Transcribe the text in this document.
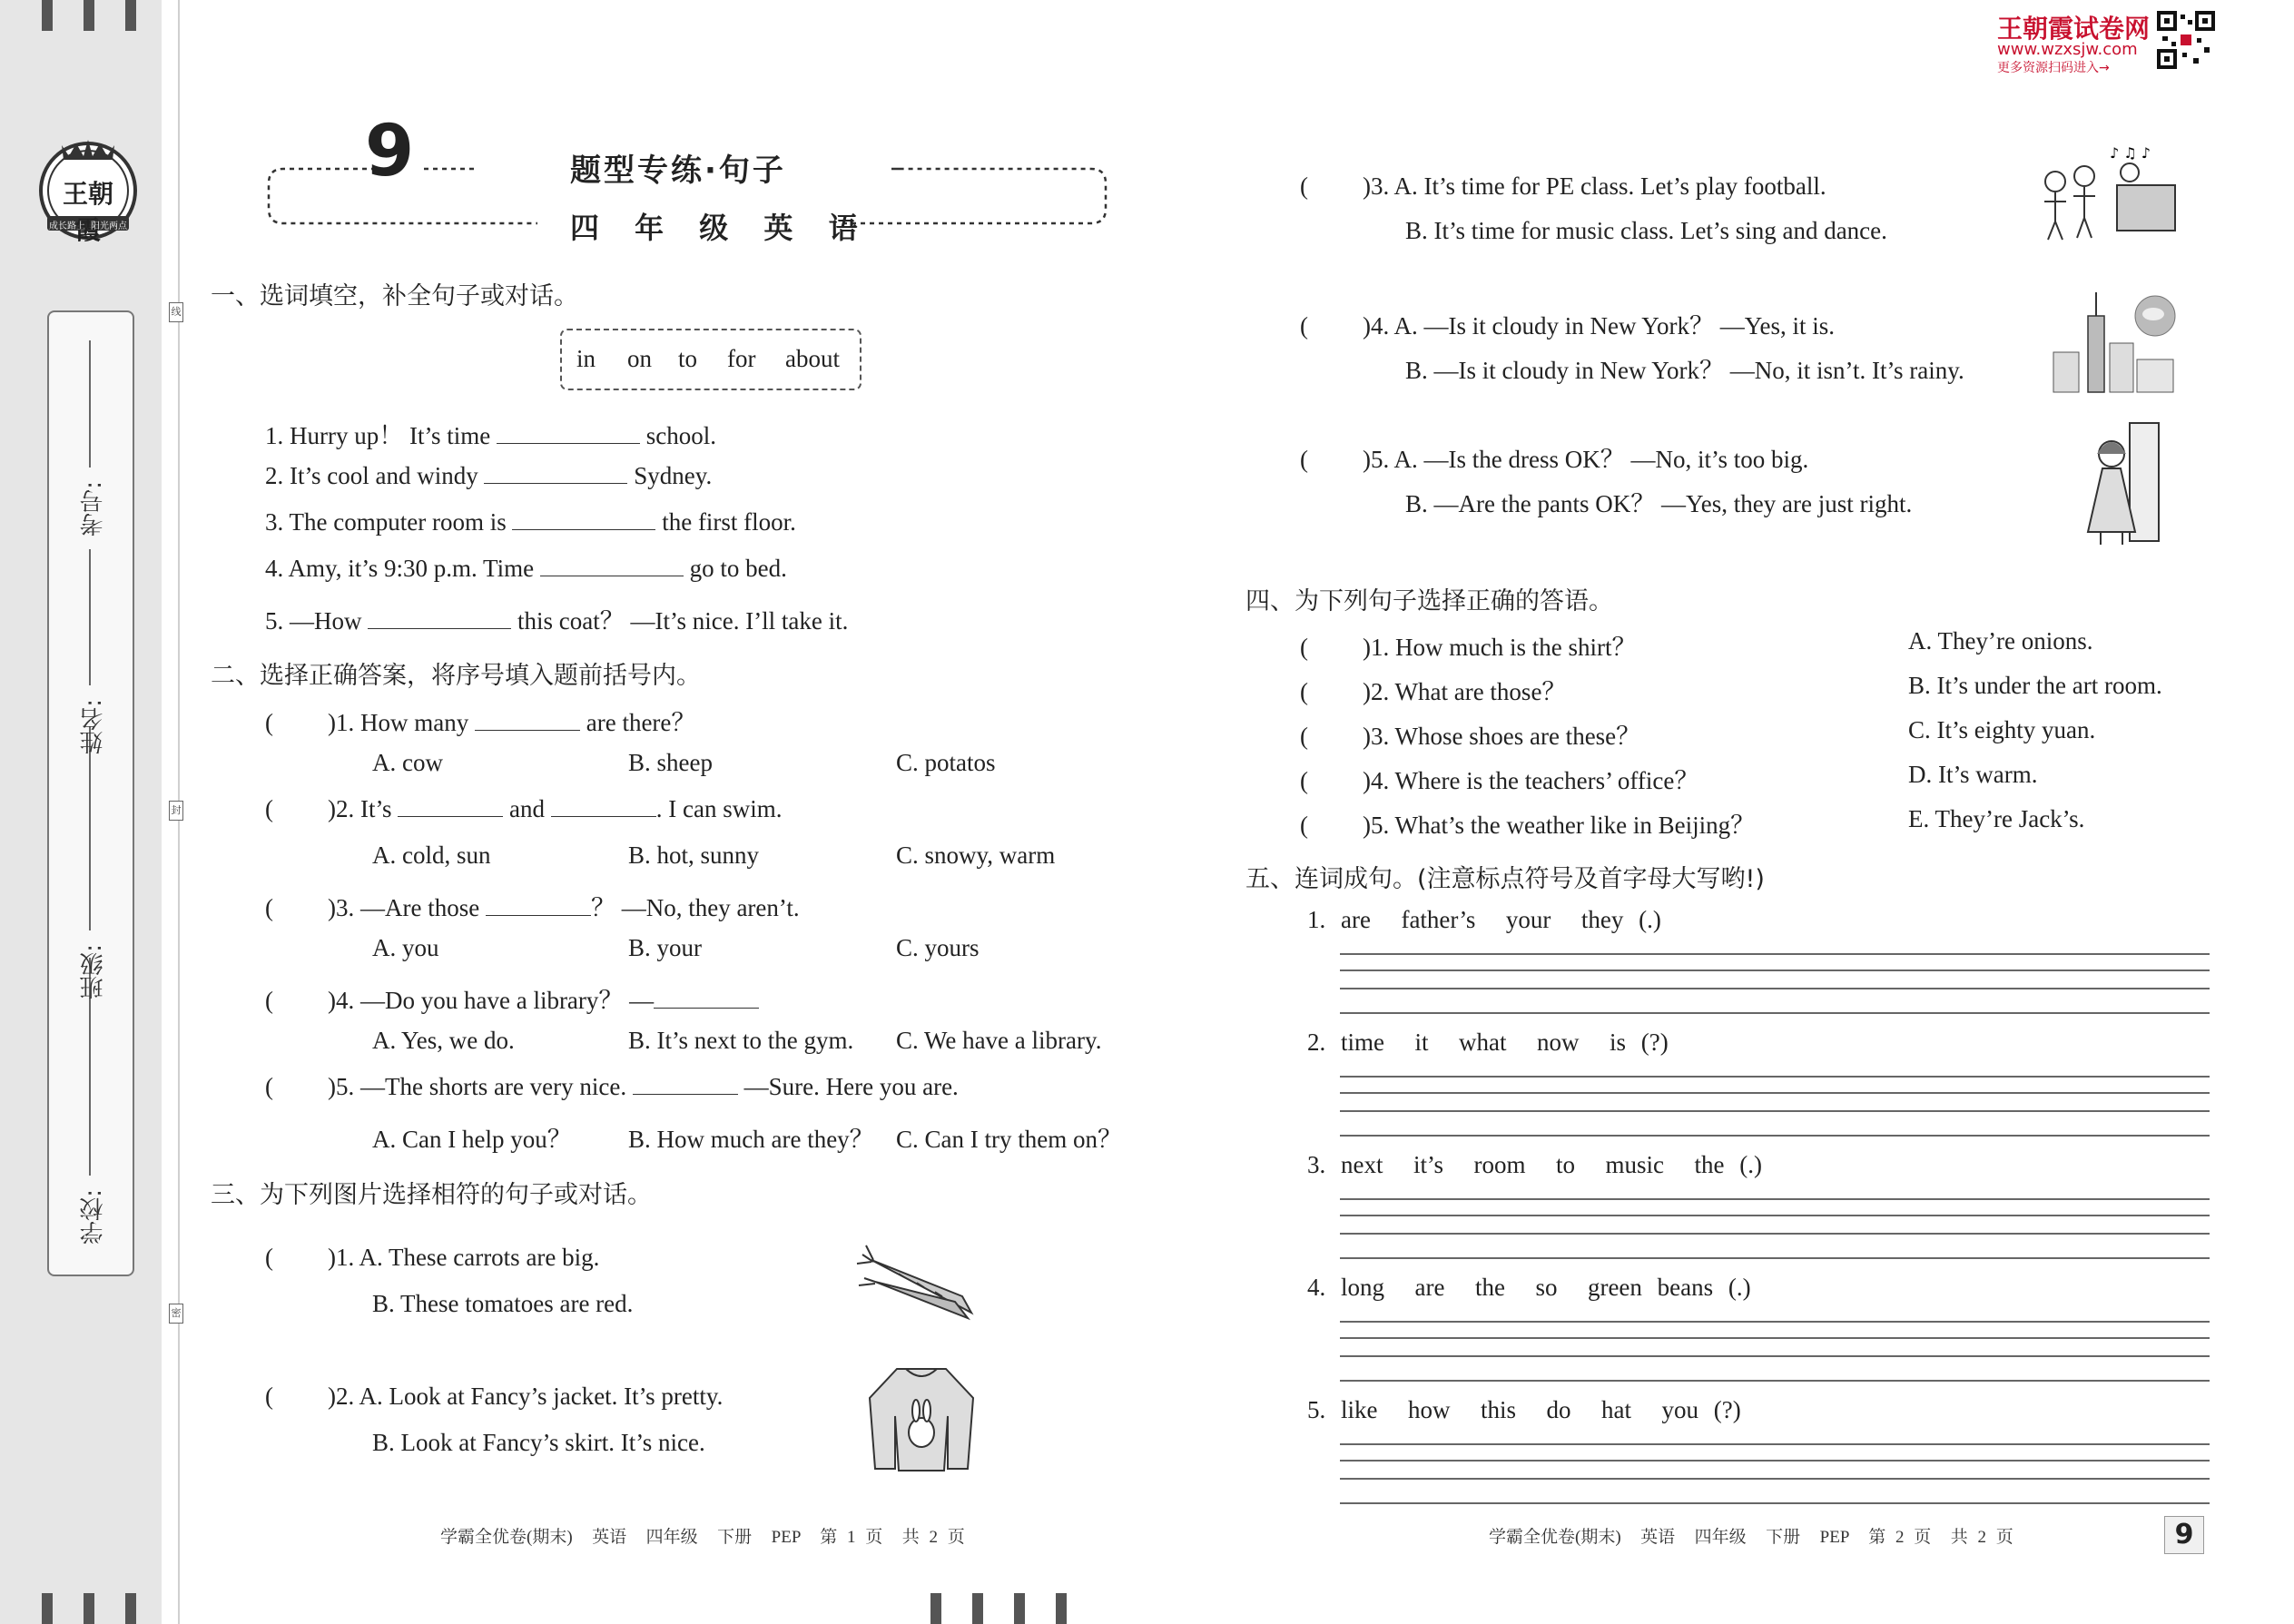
王朝霞
成长路上 阳光两点
学校:
班级:
姓名:
考号:
线
封
密
9	题型专练·句子
四 年 级 英 语
王朝霞试卷网
www.wzxsjw.com
更多资源扫码进入→
一、选词填空，补全句子或对话。
in on to for about
1. Hurry up！ It’s time	school.
2. It’s cool and windy	Sydney.
3. The computer room is	the first floor.
4. Amy, it’s 9:30 p.m. Time	go to bed.
5. —How	this coat？ —It’s nice. I’ll take it.
二、选择正确答案，将序号填入题前括号内。
( )1. How many	are there？
A. cow	B. sheep	C. potatos
( )2. It’s	and	. I can swim.
A. cold, sun	B. hot, sunny	C. snowy, warm
( )3. —Are those	？ —No, they aren’t.
A. you	B. your	C. yours
( )4. —Do you have a library？ —
A. Yes, we do.	B. It’s next to the gym. C. We have a library.
( )5. —The shorts are very nice.	—Sure. Here you are.
A. Can I help you？ B. How much are they？ C. Can I try them on？
三、为下列图片选择相符的句子或对话。
( )1. A. These carrots are big.
B. These tomatoes are red.
( )2. A. Look at Fancy’s jacket. It’s pretty.
B. Look at Fancy’s skirt. It’s nice.
( )3. A. It’s time for PE class. Let’s play football.
B. It’s time for music class. Let’s sing and dance.
♪ ♫ ♪
( )4. A. —Is it cloudy in New York？ —Yes, it is.
B. —Is it cloudy in New York？ —No, it isn’t. It’s rainy.
( )5. A. —Is the dress OK？ —No, it’s too big.
B. —Are the pants OK？ —Yes, they are just right.
四、为下列句子选择正确的答语。
( )1. How much is the shirt？
( )2. What are those？
( )3. Whose shoes are these？
( )4. Where is the teachers’ office？
( )5. What’s the weather like in Beijing？
A. They’re onions.
B. It’s under the art room.
C. It’s eighty yuan.
D. It’s warm.
E. They’re Jack’s.
五、连词成句。(注意标点符号及首字母大写哟!)
1. are  father’s  your  they (.)
2. time  it  what  now  is (?)
3. next  it’s  room  to  music  the (.)
4. long  are  the  so  green beans (.)
5. like  how  this  do  hat  you (?)
学霸全优卷(期末)  英语  四年级  下册  PEP  第 1 页  共 2 页	学霸全优卷(期末)  英语  四年级  下册  PEP  第 2 页  共 2 页	9
